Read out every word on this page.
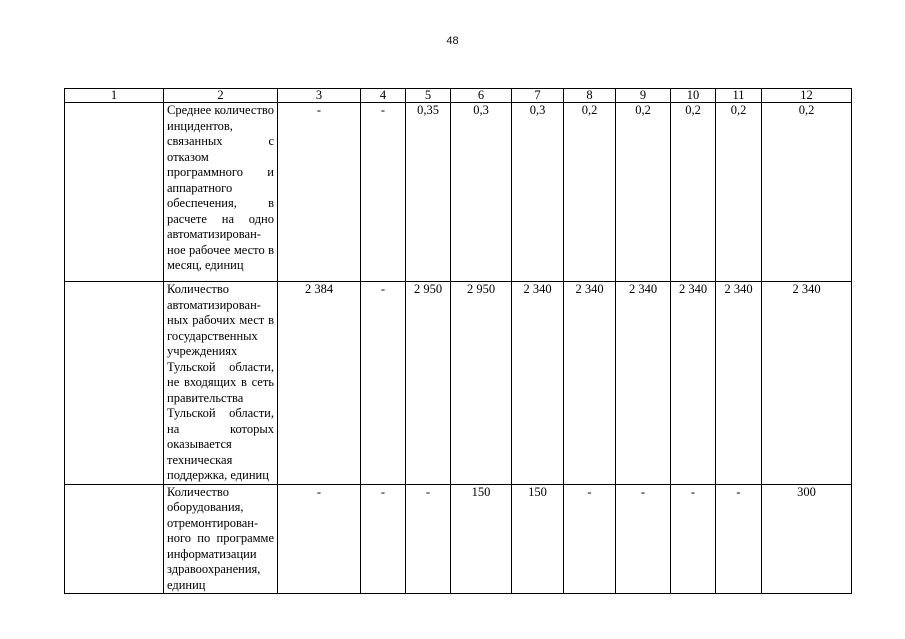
48
1	2	3	4	5	6	7	8	9	10	11	12
	Среднее количество инцидентов, связанных с отказом программного и аппаратного обеспечения, в расчете на одно автоматизирован-ное рабочее место в месяц, единиц	-	-	0,35	0,3	0,3	0,2	0,2	0,2	0,2	0,2
	Количество автоматизирован-ных рабочих мест в государственных учреждениях Тульской области, не входящих в сеть правительства Тульской области, на которых оказывается техническая поддержка, единиц	2 384	-	2 950	2 950	2 340	2 340	2 340	2 340	2 340	2 340
	Количество оборудования, отремонтирован-ного по программе информатизации здравоохранения, единиц	-	-	-	150	150	-	-	-	-	300
